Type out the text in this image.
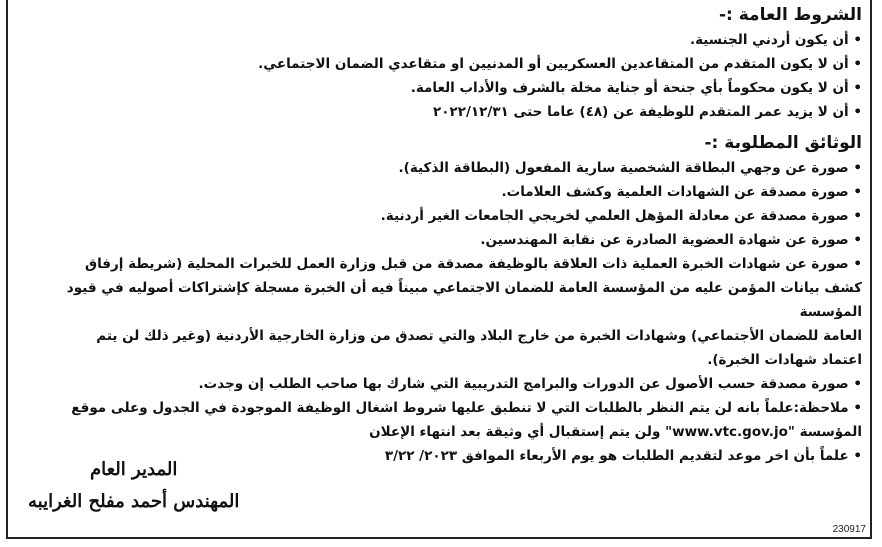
الشروط العامة :-

• أن يكون أردني الجنسية.

• أن لا يكون المتقدم من المتقاعدين العسكريين أو المدنيين او متقاعدي الضمان الاجتماعي.

• أن لا يكون محكوماً بأي جنحة أو جناية مخلة بالشرف والأداب العامة.

• أن لا يزيد عمر المتقدم للوظيفة عن (٤٨) عاما حتى ٢٠٢٢/١٢/٣١

الوثائق المطلوبة :-

• صورة عن وجهي البطاقة الشخصية سارية المفعول (البطاقة الذكية).

• صورة مصدقة عن الشهادات العلمية وكشف العلامات.

• صورة مصدقة عن معادلة المؤهل العلمي لخريجي الجامعات الغير أردنية.

• صورة عن شهادة العضوية الصادرة عن نقابة المهندسين.

• صورة عن شهادات الخبرة العملية ذات العلاقة بالوظيفة مصدقة من قبل وزارة العمل للخبرات المحلية (شريطة إرفاق

كشف بيانات المؤمن عليه من المؤسسة العامة للضمان الاجتماعي مبيناً فيه أن الخبرة مسجلة كإشتراكات أصوليه في قيود المؤسسة

العامة للضمان الأجتماعي) وشهادات الخبرة من خارج البلاد والتي تصدق من وزارة الخارجية الأردنية (وغير ذلك لن يتم

اعتماد شهادات الخبرة).

• صورة مصدقة حسب الأصول عن الدورات والبرامج التدريبية التي شارك بها صاحب الطلب إن وجدت.

• ملاحظة:علماً بانه لن يتم النظر بالطلبات التي لا تنطبق عليها شروط اشغال الوظيفة الموجودة في الجدول وعلى موقع

المؤسسة "www.vtc.gov.jo" ولن يتم إستقبال أي وثيقة بعد انتهاء الإعلان

• علماً بأن اخر موعد لتقديم الطلبات هو يوم الأربعاء الموافق ٢٠٢٣/ ٣/٢٢

المدير العام
المهندس أحمد مفلح الغرايبه
230917
